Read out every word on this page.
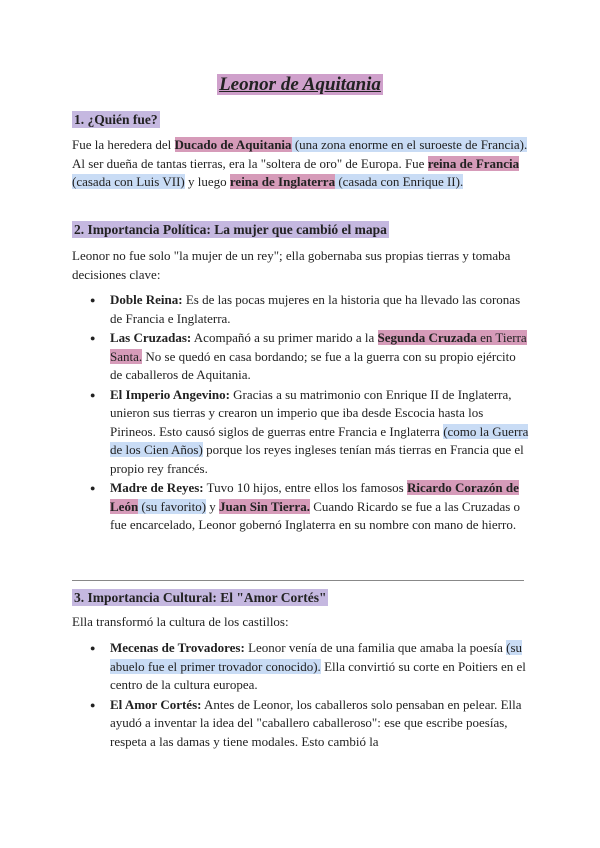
Leonor de Aquitania
1. ¿Quién fue?
Fue la heredera del Ducado de Aquitania (una zona enorme en el suroeste de Francia). Al ser dueña de tantas tierras, era la "soltera de oro" de Europa. Fue reina de Francia (casada con Luis VII) y luego reina de Inglaterra (casada con Enrique II).
2. Importancia Política: La mujer que cambió el mapa
Leonor no fue solo "la mujer de un rey"; ella gobernaba sus propias tierras y tomaba decisiones clave:
● Doble Reina: Es de las pocas mujeres en la historia que ha llevado las coronas de Francia e Inglaterra.
● Las Cruzadas: Acompañó a su primer marido a la Segunda Cruzada en Tierra Santa. No se quedó en casa bordando; se fue a la guerra con su propio ejército de caballeros de Aquitania.
● El Imperio Angevino: Gracias a su matrimonio con Enrique II de Inglaterra, unieron sus tierras y crearon un imperio que iba desde Escocia hasta los Pirineos. Esto causó siglos de guerras entre Francia e Inglaterra (como la Guerra de los Cien Años) porque los reyes ingleses tenían más tierras en Francia que el propio rey francés.
● Madre de Reyes: Tuvo 10 hijos, entre ellos los famosos Ricardo Corazón de León (su favorito) y Juan Sin Tierra. Cuando Ricardo se fue a las Cruzadas o fue encarcelado, Leonor gobernó Inglaterra en su nombre con mano de hierro.
3. Importancia Cultural: El "Amor Cortés"
Ella transformó la cultura de los castillos:
● Mecenas de Trovadores: Leonor venía de una familia que amaba la poesía (su abuelo fue el primer trovador conocido). Ella convirtió su corte en Poitiers en el centro de la cultura europea.
● El Amor Cortés: Antes de Leonor, los caballeros solo pensaban en pelear. Ella ayudó a inventar la idea del "caballero caballeroso": ese que escribe poesías, respeta a las damas y tiene modales. Esto cambió la
